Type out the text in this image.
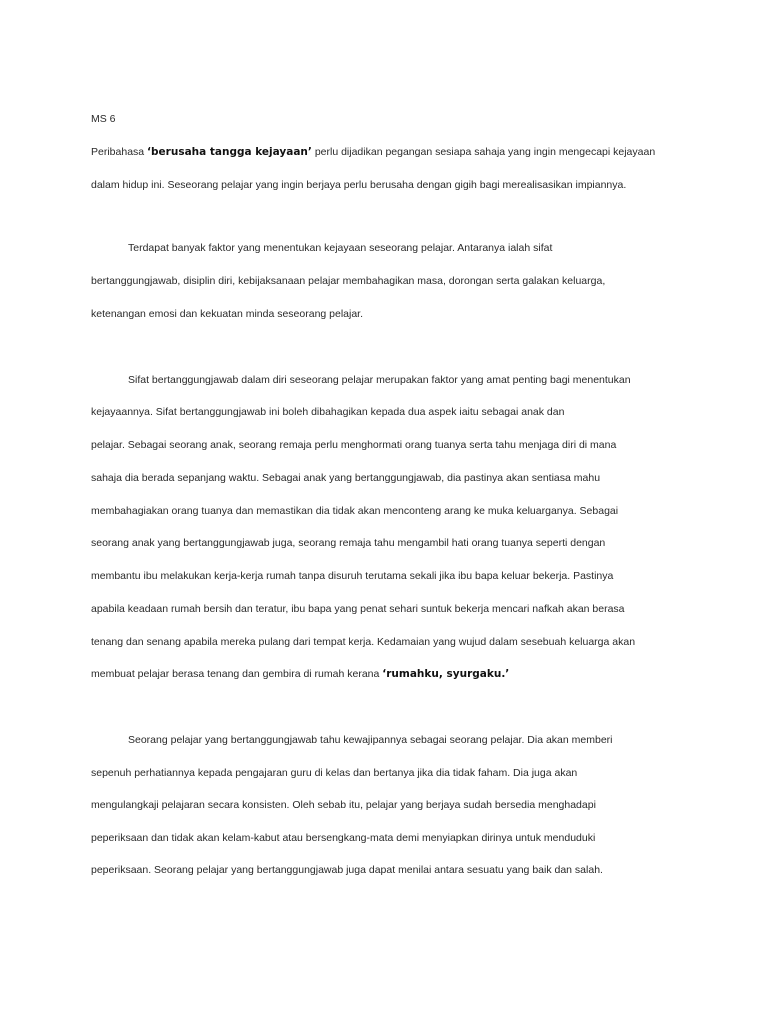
MS 6
Peribahasa ‘berusaha tangga kejayaan’ perlu dijadikan pegangan sesiapa sahaja yang ingin mengecapi kejayaan
dalam hidup ini. Seseorang pelajar yang ingin berjaya perlu berusaha dengan gigih bagi merealisasikan impiannya.
Terdapat banyak faktor yang menentukan kejayaan seseorang pelajar. Antaranya ialah sifat
bertanggungjawab, disiplin diri, kebijaksanaan pelajar membahagikan masa, dorongan serta galakan keluarga,
ketenangan emosi dan kekuatan minda seseorang pelajar.
Sifat bertanggungjawab dalam diri seseorang pelajar merupakan faktor yang amat penting bagi menentukan
kejayaannya. Sifat bertanggungjawab ini boleh dibahagikan kepada dua aspek iaitu sebagai anak dan
pelajar. Sebagai seorang anak, seorang remaja perlu menghormati orang tuanya serta tahu menjaga diri di mana
sahaja dia berada sepanjang waktu. Sebagai anak yang bertanggungjawab, dia pastinya akan sentiasa mahu
membahagiakan orang tuanya dan memastikan dia tidak akan menconteng arang ke muka keluarganya. Sebagai
seorang anak yang bertanggungjawab juga, seorang remaja tahu mengambil hati orang tuanya seperti dengan
membantu ibu melakukan kerja-kerja rumah tanpa disuruh terutama sekali jika ibu bapa keluar bekerja. Pastinya
apabila keadaan rumah bersih dan teratur, ibu bapa yang penat sehari suntuk bekerja mencari nafkah akan berasa
tenang dan senang apabila mereka pulang dari tempat kerja. Kedamaian yang wujud dalam sesebuah keluarga akan
membuat pelajar berasa tenang dan gembira di rumah kerana ‘rumahku, syurgaku.’
Seorang pelajar yang bertanggungjawab tahu kewajipannya sebagai seorang pelajar. Dia akan memberi
sepenuh perhatiannya kepada pengajaran guru di kelas dan bertanya jika dia tidak faham. Dia juga akan
mengulangkaji pelajaran secara konsisten. Oleh sebab itu, pelajar yang berjaya sudah bersedia menghadapi
peperiksaan dan tidak akan kelam-kabut atau bersengkang-mata demi menyiapkan dirinya untuk menduduki
peperiksaan. Seorang pelajar yang bertanggungjawab juga dapat menilai antara sesuatu yang baik dan salah.
